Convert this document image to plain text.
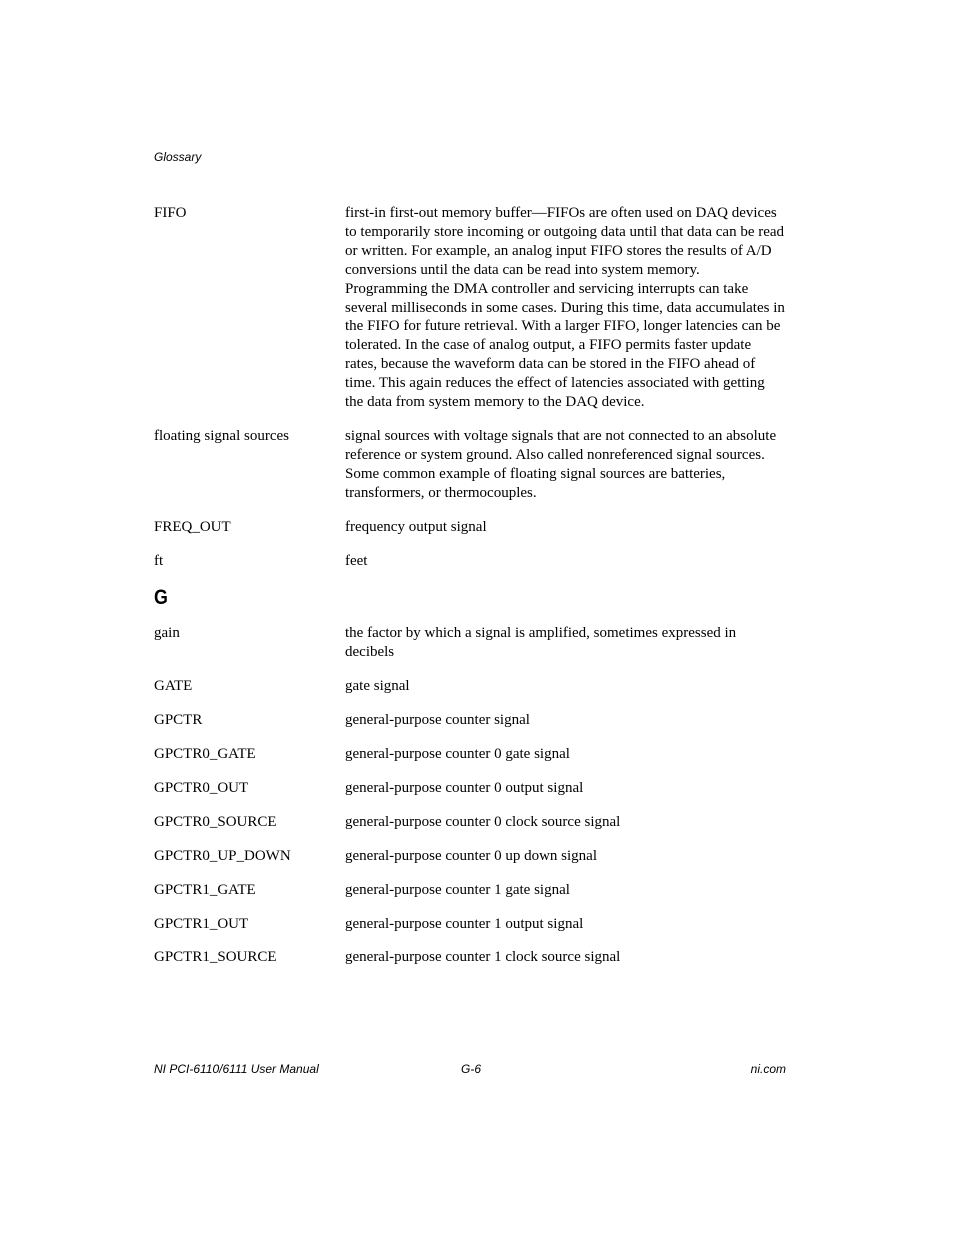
Glossary
FIFO	first-in first-out memory buffer—FIFOs are often used on DAQ devices to temporarily store incoming or outgoing data until that data can be read or written. For example, an analog input FIFO stores the results of A/D conversions until the data can be read into system memory. Programming the DMA controller and servicing interrupts can take several milliseconds in some cases. During this time, data accumulates in the FIFO for future retrieval. With a larger FIFO, longer latencies can be tolerated. In the case of analog output, a FIFO permits faster update rates, because the waveform data can be stored in the FIFO ahead of time. This again reduces the effect of latencies associated with getting the data from system memory to the DAQ device.
floating signal sources	signal sources with voltage signals that are not connected to an absolute reference or system ground. Also called nonreferenced signal sources. Some common example of floating signal sources are batteries, transformers, or thermocouples.
FREQ_OUT	frequency output signal
ft	feet
G
gain	the factor by which a signal is amplified, sometimes expressed in decibels
GATE	gate signal
GPCTR	general-purpose counter signal
GPCTR0_GATE	general-purpose counter 0 gate signal
GPCTR0_OUT	general-purpose counter 0 output signal
GPCTR0_SOURCE	general-purpose counter 0 clock source signal
GPCTR0_UP_DOWN	general-purpose counter 0 up down signal
GPCTR1_GATE	general-purpose counter 1 gate signal
GPCTR1_OUT	general-purpose counter 1 output signal
GPCTR1_SOURCE	general-purpose counter 1 clock source signal
NI PCI-6110/6111 User Manual	G-6	ni.com
